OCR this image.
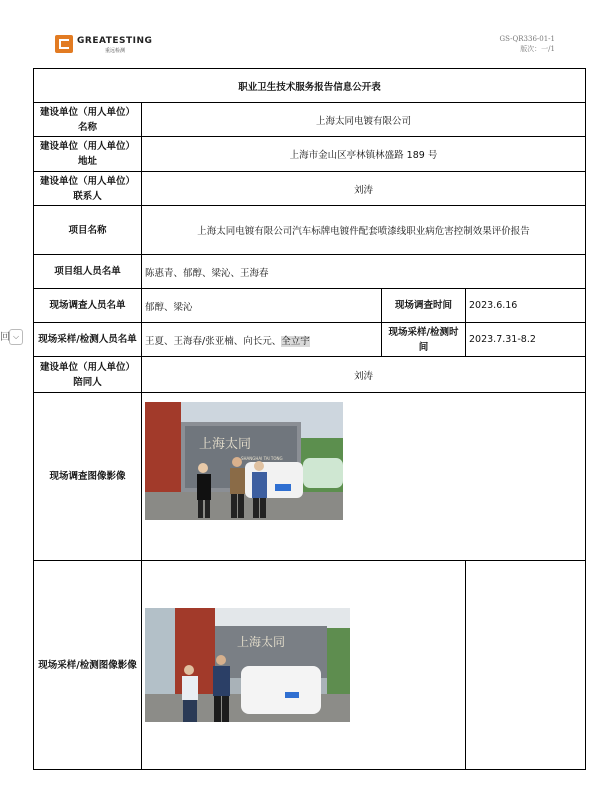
GREATESTING
重远检测
GS-QR336-01-1
版次：一/1
回 ⌵
职业卫生技术服务报告信息公开表			
建设单位（用人单位）名称	上海太同电镀有限公司		
建设单位（用人单位）地址	上海市金山区亭林镇林盛路 189 号		
建设单位（用人单位）联系人	刘涛		
项目名称	上海太同电镀有限公司汽车标牌电镀件配套喷漆线职业病危害控制效果评价报告		
项目组人员名单	陈惠青、郁醇、梁沁、王海春		
现场调查人员名单	郁醇、梁沁	现场调查时间	2023.6.16
现场采样/检测人员名单	王夏、王海春/张亚楠、向长元、全立宇	现场采样/检测时间	2023.7.31-8.2
建设单位（用人单位）陪同人	刘涛		
现场调查图像影像	上海太同
SHANGHAI TAI TONG		

现场采样/检测图像影像	上海太同		
